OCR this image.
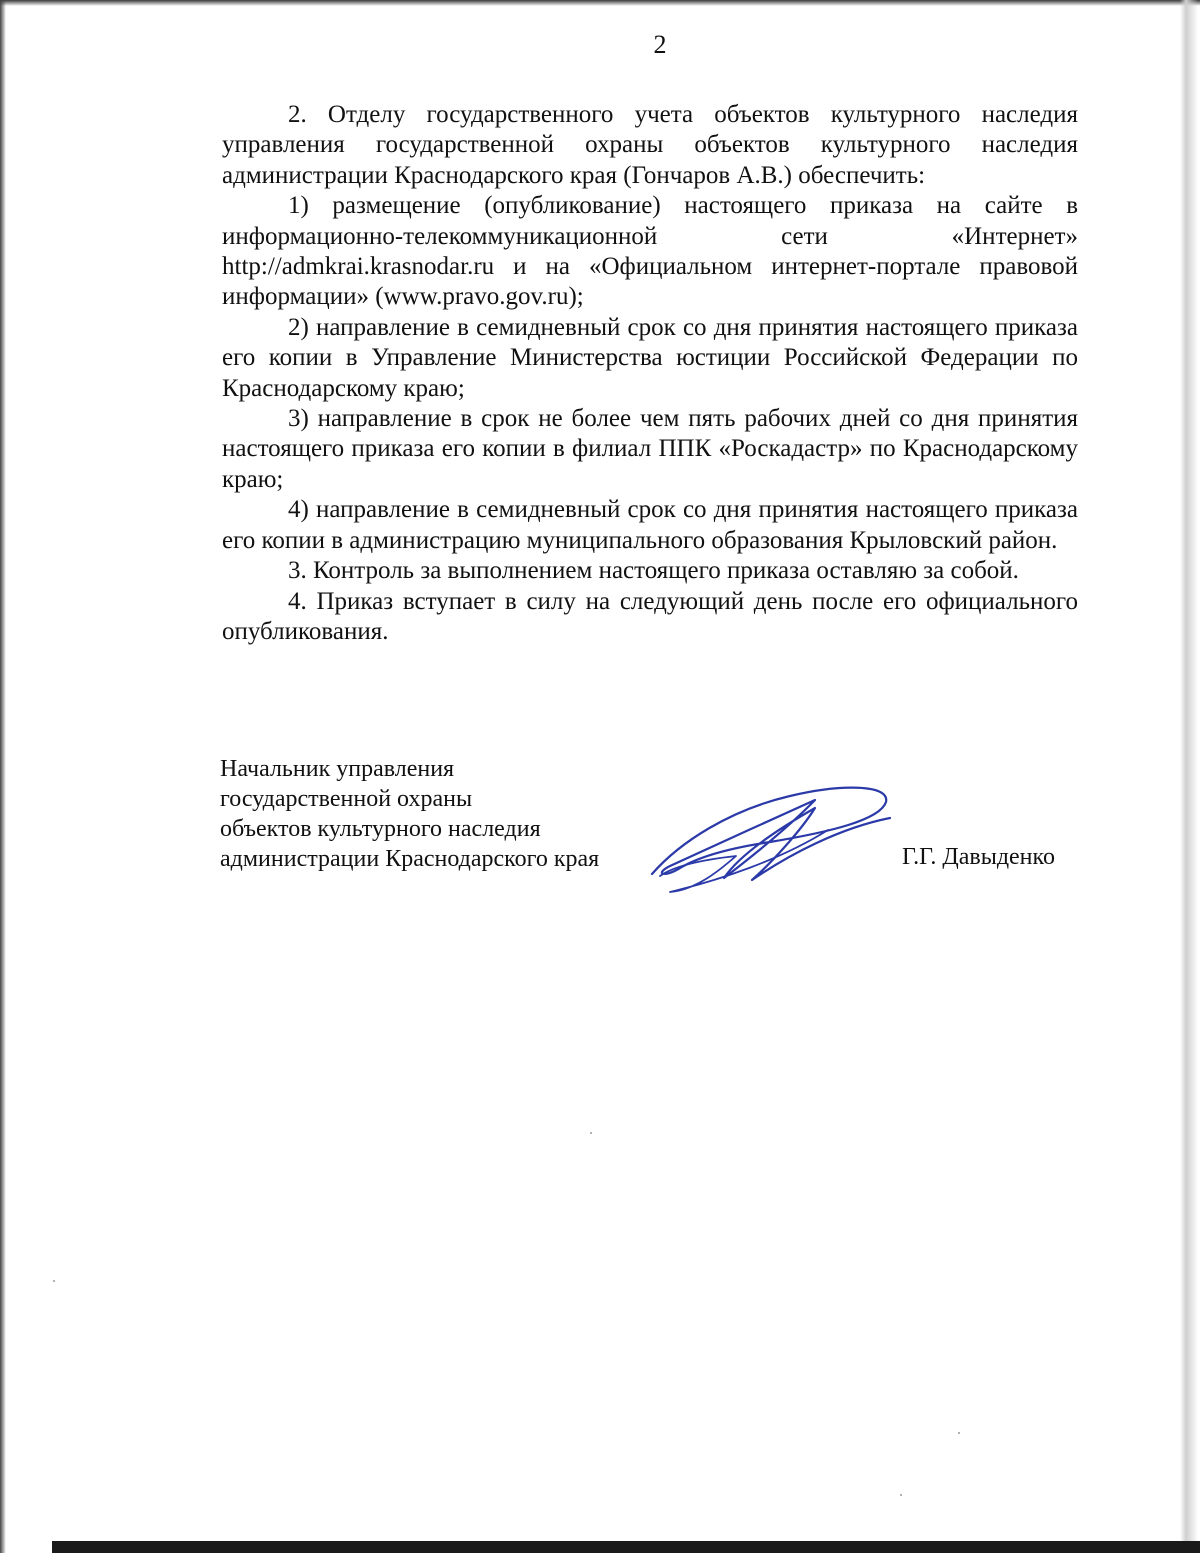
2

2. Отделу государственного учета объектов культурного наследия управления государственной охраны объектов культурного наследия администрации Краснодарского края (Гончаров А.В.) обеспечить:

1) размещение (опубликование) настоящего приказа на сайте в информационно-телекоммуникационной сети «Интернет» http://admkrai.krasnodar.ru и на «Официальном интернет-портале правовой информации» (www.pravo.gov.ru);

2) направление в семидневный срок со дня принятия настоящего приказа его копии в Управление Министерства юстиции Российской Федерации по Краснодарскому краю;

3) направление в срок не более чем пять рабочих дней со дня принятия настоящего приказа его копии в филиал ППК «Роскадастр» по Краснодарскому краю;

4) направление в семидневный срок со дня принятия настоящего приказа его копии в администрацию муниципального образования Крыловский район.

3. Контроль за выполнением настоящего приказа оставляю за собой.

4. Приказ вступает в силу на следующий день после его официального опубликования.

Начальник управления
государственной охраны
объектов культурного наследия
администрации Краснодарского края	Г.Г. Давыденко
